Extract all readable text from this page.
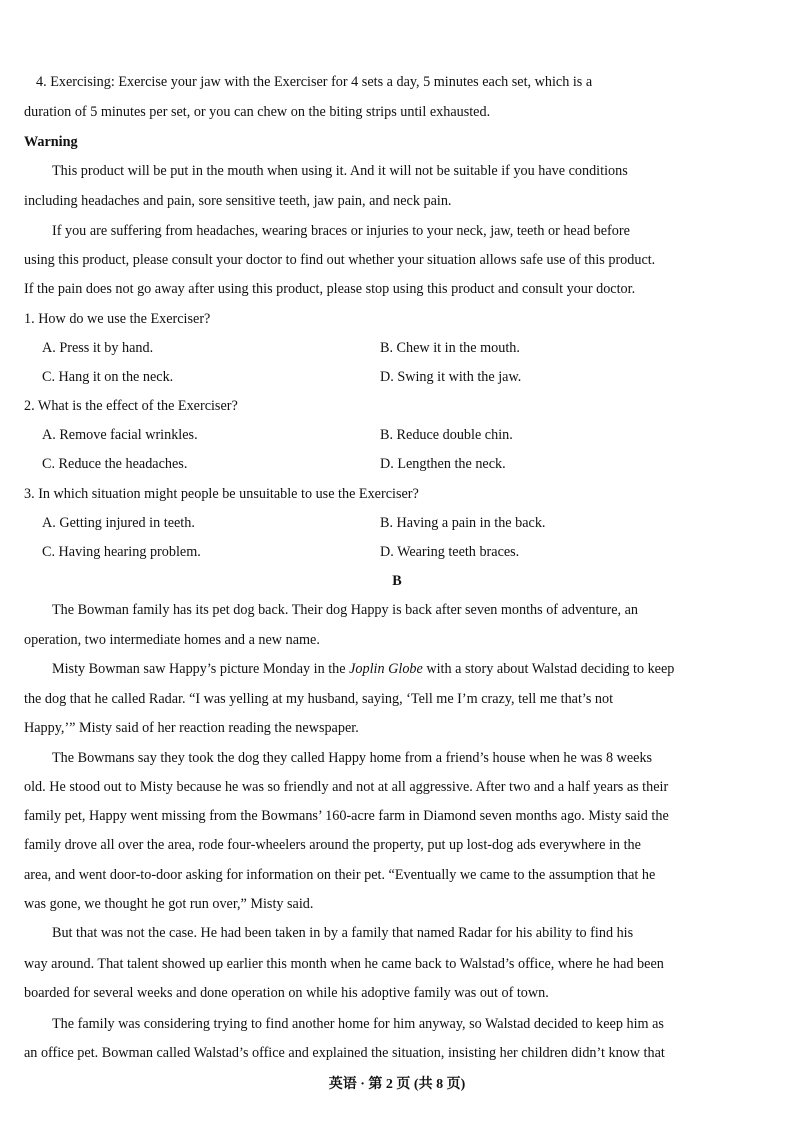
4. Exercising: Exercise your jaw with the Exerciser for 4 sets a day, 5 minutes each set, which is a
duration of 5 minutes per set, or you can chew on the biting strips until exhausted.
Warning
This product will be put in the mouth when using it. And it will not be suitable if you have conditions
including headaches and pain, sore sensitive teeth, jaw pain, and neck pain.
If you are suffering from headaches, wearing braces or injuries to your neck, jaw, teeth or head before
using this product, please consult your doctor to find out whether your situation allows safe use of this product.
If the pain does not go away after using this product, please stop using this product and consult your doctor.
1. How do we use the Exerciser?
A. Press it by hand.	B. Chew it in the mouth.
C. Hang it on the neck.	D. Swing it with the jaw.
2. What is the effect of the Exerciser?
A. Remove facial wrinkles.	B. Reduce double chin.
C. Reduce the headaches.	D. Lengthen the neck.
3. In which situation might people be unsuitable to use the Exerciser?
A. Getting injured in teeth.	B. Having a pain in the back.
C. Having hearing problem.	D. Wearing teeth braces.
B
The Bowman family has its pet dog back. Their dog Happy is back after seven months of adventure, an
operation, two intermediate homes and a new name.
Misty Bowman saw Happy’s picture Monday in the Joplin Globe with a story about Walstad deciding to keep
the dog that he called Radar. “I was yelling at my husband, saying, ‘Tell me I’m crazy, tell me that’s not
Happy,’” Misty said of her reaction reading the newspaper.
The Bowmans say they took the dog they called Happy home from a friend’s house when he was 8 weeks
old. He stood out to Misty because he was so friendly and not at all aggressive. After two and a half years as their
family pet, Happy went missing from the Bowmans’ 160-acre farm in Diamond seven months ago. Misty said the
family drove all over the area, rode four-wheelers around the property, put up lost-dog ads everywhere in the
area, and went door-to-door asking for information on their pet. “Eventually we came to the assumption that he
was gone, we thought he got run over,” Misty said.
But that was not the case. He had been taken in by a family that named Radar for his ability to find his
way around. That talent showed up earlier this month when he came back to Walstad’s office, where he had been
boarded for several weeks and done operation on while his adoptive family was out of town.
The family was considering trying to find another home for him anyway, so Walstad decided to keep him as
an office pet. Bowman called Walstad’s office and explained the situation, insisting her children didn’t know that
英语 · 第 2 页 (共 8 页)
